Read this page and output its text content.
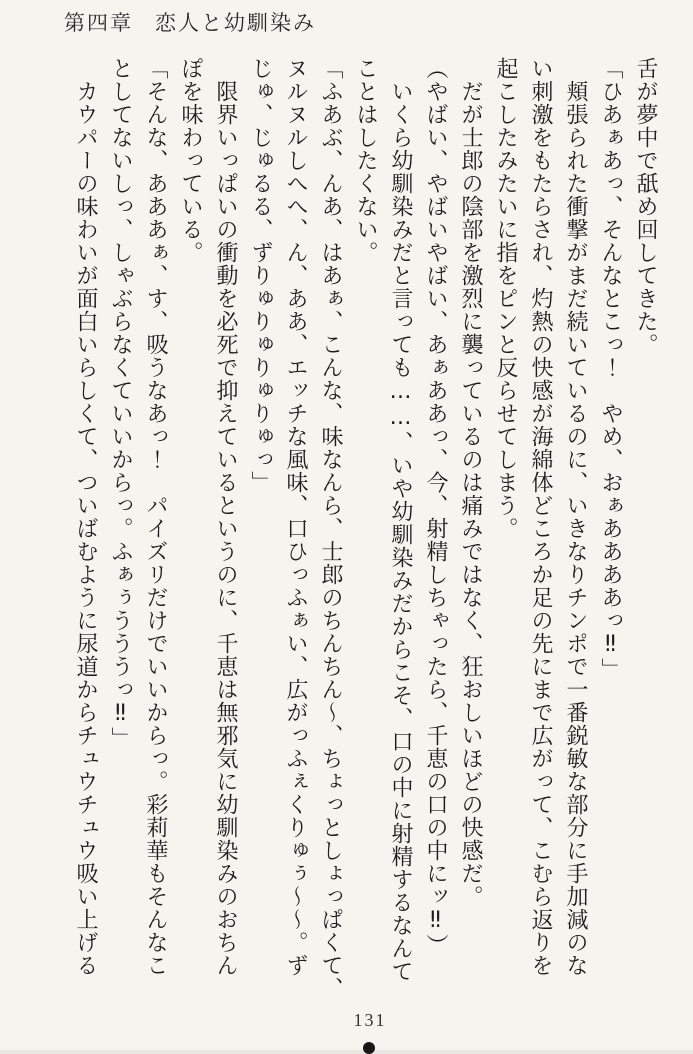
第四章 恋人と幼馴染み
舌が夢中で舐め回してきた。
「ひあぁあっ、そんなとこっ！　やめ、おぁああああっ‼」
頬張られた衝撃がまだ続いているのに、いきなりチンポで一番鋭敏な部分に手加減のな
い刺激をもたらされ、灼熱の快感が海綿体どころか足の先にまで広がって、こむら返りを
起こしたみたいに指をピンと反らせてしまう。
だが士郎の陰部を激烈に襲っているのは痛みではなく、狂おしいほどの快感だ。
（やばい、やばいやばい、あぁああっ、今、射精しちゃったら、千恵の口の中にッ‼）
いくら幼馴染みだと言っても……、いや幼馴染みだからこそ、口の中に射精するなんて
ことはしたくない。
「ふあぶ、んあ、はあぁ、こんな、味なんら、士郎のちんちん～、ちょっとしょっぱくて、
ヌルヌルしへへ、ん、ああ、エッチな風味、口ひっふぁい、広がっふぇくりゅぅ～～。ず
じゅ、じゅるる、ずりゅりゅりゅりゅっ」
限界いっぱいの衝動を必死で抑えているというのに、千恵は無邪気に幼馴染みのおちん
ぽを味わっている。
「そんな、あああぁ、す、吸うなあっ！　パイズリだけでいいからっ。彩莉華もそんなこ
としてないしっ、しゃぶらなくていいからっ。ふぁぅうううっ‼」
カウパーの味わいが面白いらしくて、ついばむように尿道からチュウチュウ吸い上げる
131
